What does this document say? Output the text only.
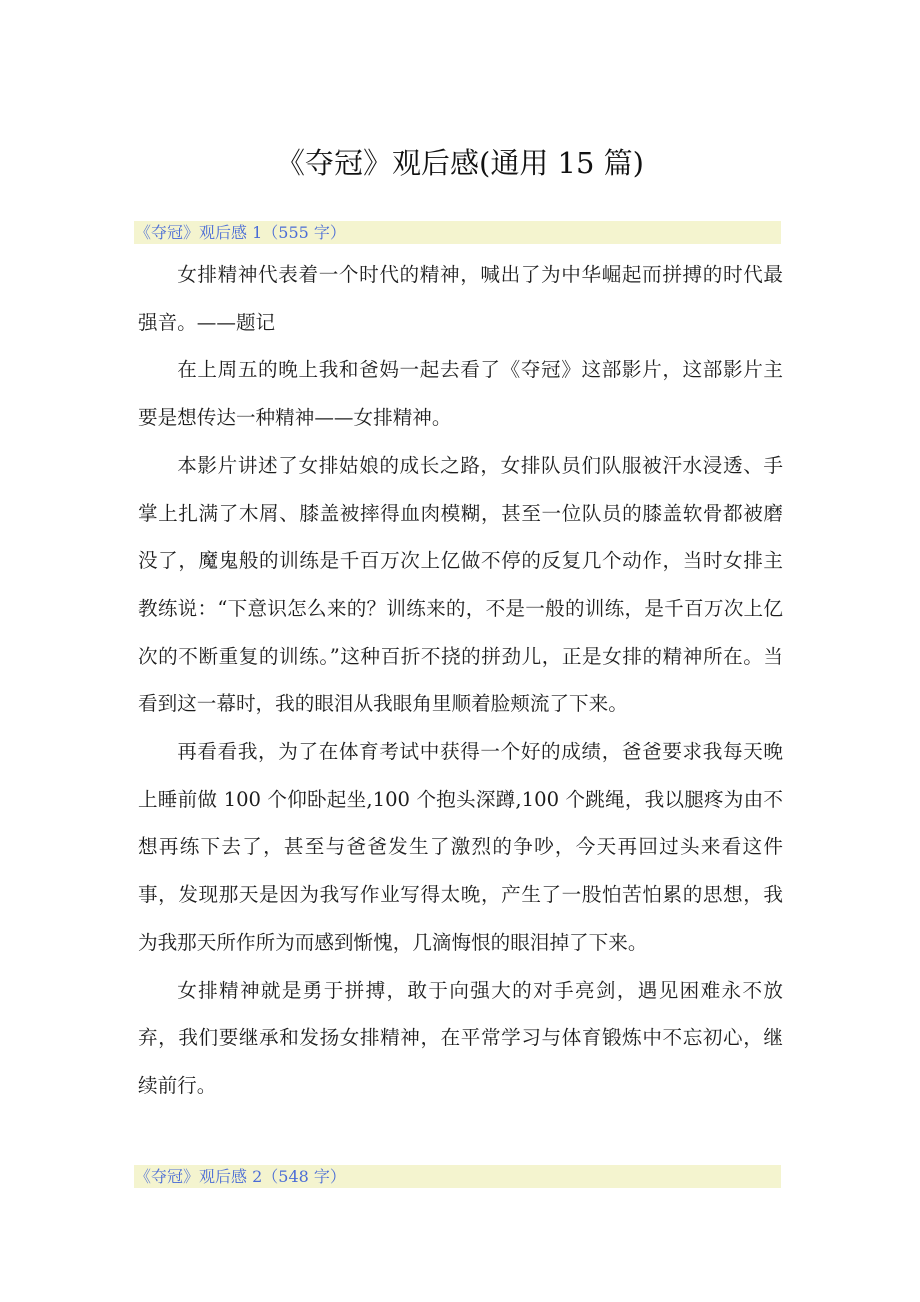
《夺冠》观后感(通用 15 篇)
《夺冠》观后感 1（555 字）

女排精神代表着一个时代的精神，喊出了为中华崛起而拼搏的时代最强音。——题记

在上周五的晚上我和爸妈一起去看了《夺冠》这部影片，这部影片主要是想传达一种精神——女排精神。

本影片讲述了女排姑娘的成长之路，女排队员们队服被汗水浸透、手掌上扎满了木屑、膝盖被摔得血肉模糊，甚至一位队员的膝盖软骨都被磨没了，魔鬼般的训练是千百万次上亿做不停的反复几个动作，当时女排主教练说：“下意识怎么来的？训练来的，不是一般的训练，是千百万次上亿次的不断重复的训练。”这种百折不挠的拼劲儿，正是女排的精神所在。当看到这一幕时，我的眼泪从我眼角里顺着脸颊流了下来。

再看看我，为了在体育考试中获得一个好的成绩，爸爸要求我每天晚上睡前做 100 个仰卧起坐,100 个抱头深蹲,100 个跳绳，我以腿疼为由不想再练下去了，甚至与爸爸发生了激烈的争吵，今天再回过头来看这件事，发现那天是因为我写作业写得太晚，产生了一股怕苦怕累的思想，我为我那天所作所为而感到惭愧，几滴悔恨的眼泪掉了下来。

女排精神就是勇于拼搏，敢于向强大的对手亮剑，遇见困难永不放弃，我们要继承和发扬女排精神，在平常学习与体育锻炼中不忘初心，继续前行。

《夺冠》观后感 2（548 字）
